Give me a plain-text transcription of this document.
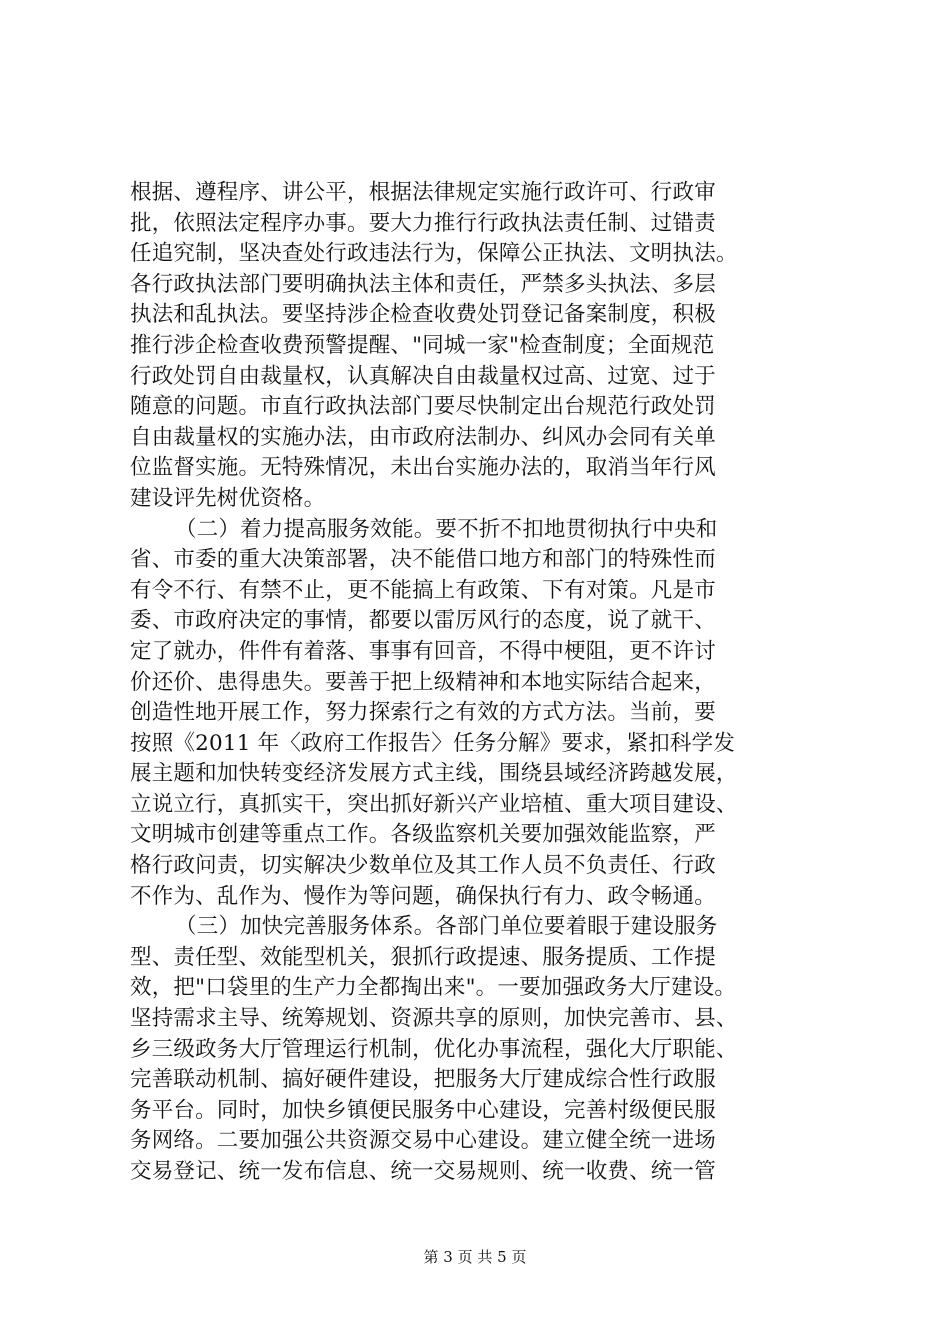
根据、遵程序、讲公平，根据法律规定实施行政许可、行政审
批，依照法定程序办事。要大力推行行政执法责任制、过错责
任追究制，坚决查处行政违法行为，保障公正执法、文明执法。
各行政执法部门要明确执法主体和责任，严禁多头执法、多层
执法和乱执法。要坚持涉企检查收费处罚登记备案制度，积极
推行涉企检查收费预警提醒、"同城一家"检查制度；全面规范
行政处罚自由裁量权，认真解决自由裁量权过高、过宽、过于
随意的问题。市直行政执法部门要尽快制定出台规范行政处罚
自由裁量权的实施办法，由市政府法制办、纠风办会同有关单
位监督实施。无特殊情况，未出台实施办法的，取消当年行风
建设评先树优资格。
（二）着力提高服务效能。要不折不扣地贯彻执行中央和
省、市委的重大决策部署，决不能借口地方和部门的特殊性而
有令不行、有禁不止，更不能搞上有政策、下有对策。凡是市
委、市政府决定的事情，都要以雷厉风行的态度，说了就干、
定了就办，件件有着落、事事有回音，不得中梗阻，更不许讨
价还价、患得患失。要善于把上级精神和本地实际结合起来，
创造性地开展工作，努力探索行之有效的方式方法。当前，要
按照《2011 年〈政府工作报告〉任务分解》要求，紧扣科学发
展主题和加快转变经济发展方式主线，围绕县域经济跨越发展，
立说立行，真抓实干，突出抓好新兴产业培植、重大项目建设、
文明城市创建等重点工作。各级监察机关要加强效能监察，严
格行政问责，切实解决少数单位及其工作人员不负责任、行政
不作为、乱作为、慢作为等问题，确保执行有力、政令畅通。
（三）加快完善服务体系。各部门单位要着眼于建设服务
型、责任型、效能型机关，狠抓行政提速、服务提质、工作提
效，把"口袋里的生产力全都掏出来"。一要加强政务大厅建设。
坚持需求主导、统筹规划、资源共享的原则，加快完善市、县、
乡三级政务大厅管理运行机制，优化办事流程，强化大厅职能、
完善联动机制、搞好硬件建设，把服务大厅建成综合性行政服
务平台。同时，加快乡镇便民服务中心建设，完善村级便民服
务网络。二要加强公共资源交易中心建设。建立健全统一进场
交易登记、统一发布信息、统一交易规则、统一收费、统一管
第 3 页 共 5 页
